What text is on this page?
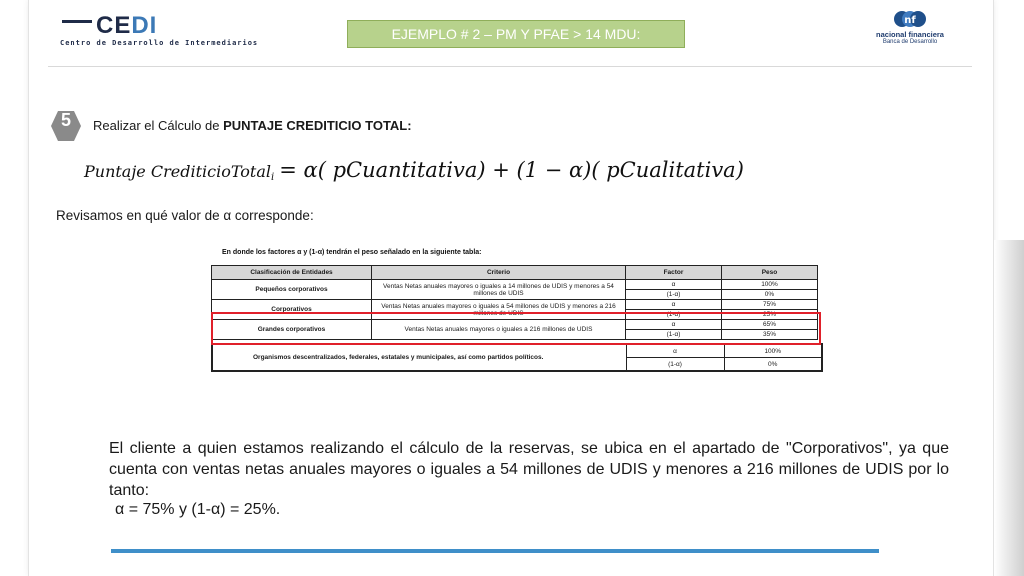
CEDI
Centro de Desarrollo de Intermediarios
EJEMPLO # 2 – PM Y PFAE > 14 MDU:
nf
nacional financiera
Banca de Desarrollo
5	Realizar el Cálculo de PUNTAJE CREDITICIO TOTAL:
Puntaje CrediticioTotal$_i$ = α( pCuantitativa) + (1 − α)( pCualitativa)
Revisamos en qué valor de α corresponde:
En donde los factores α y (1-α) tendrán el peso señalado en la siguiente tabla:
Clasificación de Entidades	Criterio	Factor	Peso
Pequeños corporativos	Ventas Netas anuales mayores o iguales a 14 millones de UDIS y menores a 54 millones de UDIS	α	100%
		(1-α)	0%
Corporativos	Ventas Netas anuales mayores o iguales a 54 millones de UDIS y menores a 216 millones de UDIS	α	75%
		(1-α)	25%
Grandes corporativos	Ventas Netas anuales mayores o iguales a 216 millones de UDIS	α	65%
		(1-α)	35%
Organismos descentralizados, federales, estatales y municipales, así como partidos políticos.	α	100%
	(1-α)	0%
El cliente a quien estamos realizando el cálculo de la reservas, se ubica en el apartado de "Corporativos", ya que cuenta con ventas netas anuales mayores o iguales a 54 millones de UDIS y menores a 216 millones de UDIS por lo tanto:
α = 75% y (1-α) = 25%.
